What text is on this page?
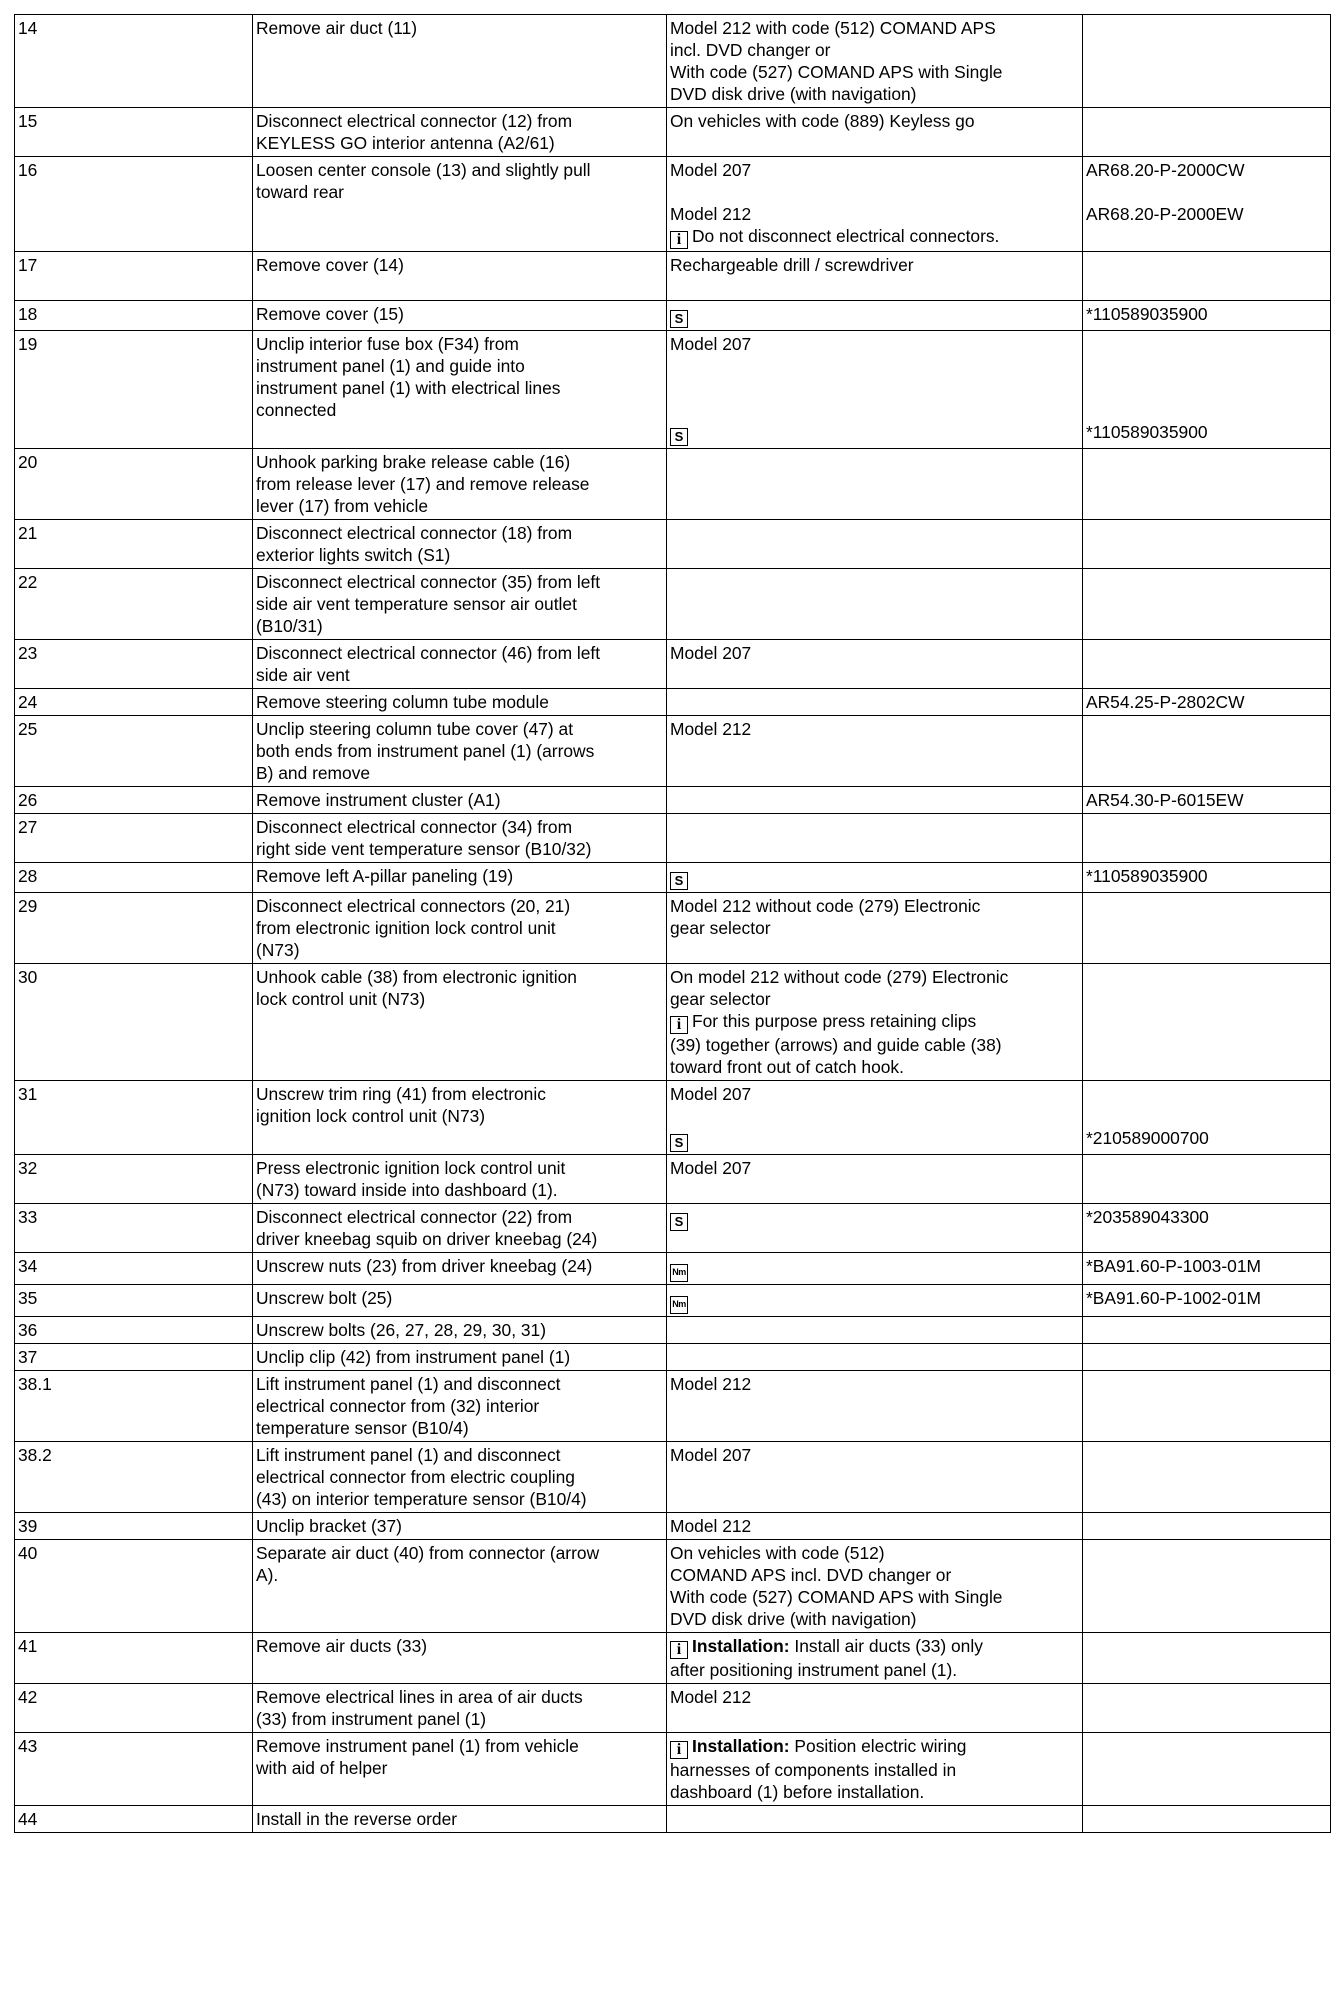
14	Remove air duct (11)	Model 212 with code (512) COMAND APS
incl. DVD changer or
With code (527) COMAND APS with Single
DVD disk drive (with navigation)	

15	Disconnect electrical connector (12) from
KEYLESS GO interior antenna (A2/61)	On vehicles with code (889) Keyless go	

16	Loosen center console (13) and slightly pull
toward rear	Model 207
Model 212
i Do not disconnect electrical connectors.	AR68.20-P-2000CW
AR68.20-P-2000EW

17	Remove cover (14)	Rechargeable drill / screwdriver	

18	Remove cover (15)	S	*110589035900

19	Unclip interior fuse box (F34) from
instrument panel (1) and guide into
instrument panel (1) with electrical lines
connected	Model 207
S	*110589035900

20	Unhook parking brake release cable (16)
from release lever (17) and remove release
lever (17) from vehicle		

21	Disconnect electrical connector (18) from
exterior lights switch (S1)		

22	Disconnect electrical connector (35) from left
side air vent temperature sensor air outlet
(B10/31)		

23	Disconnect electrical connector (46) from left
side air vent	Model 207	

24	Remove steering column tube module		AR54.25-P-2802CW

25	Unclip steering column tube cover (47) at
both ends from instrument panel (1) (arrows
B) and remove	Model 212	

26	Remove instrument cluster (A1)		AR54.30-P-6015EW

27	Disconnect electrical connector (34) from
right side vent temperature sensor (B10/32)		

28	Remove left A-pillar paneling (19)	S	*110589035900

29	Disconnect electrical connectors (20, 21)
from electronic ignition lock control unit
(N73)	Model 212 without code (279) Electronic
gear selector	

30	Unhook cable (38) from electronic ignition
lock control unit (N73)	On model 212 without code (279) Electronic
gear selector
i For this purpose press retaining clips
(39) together (arrows) and guide cable (38)
toward front out of catch hook.	

31	Unscrew trim ring (41) from electronic
ignition lock control unit (N73)	Model 207
S	*210589000700

32	Press electronic ignition lock control unit
(N73) toward inside into dashboard (1).	Model 207	

33	Disconnect electrical connector (22) from
driver kneebag squib on driver kneebag (24)	S	*203589043300

34	Unscrew nuts (23) from driver kneebag (24)	Nm	*BA91.60-P-1003-01M

35	Unscrew bolt (25)	Nm	*BA91.60-P-1002-01M

36	Unscrew bolts (26, 27, 28, 29, 30, 31)		

37	Unclip clip (42) from instrument panel (1)		

38.1	Lift instrument panel (1) and disconnect
electrical connector from (32) interior
temperature sensor (B10/4)	Model 212	

38.2	Lift instrument panel (1) and disconnect
electrical connector from electric coupling
(43) on interior temperature sensor (B10/4)	Model 207	

39	Unclip bracket (37)	Model 212	

40	Separate air duct (40) from connector (arrow
A).	On vehicles with code (512)
COMAND APS incl. DVD changer or
With code (527) COMAND APS with Single
DVD disk drive (with navigation)	

41	Remove air ducts (33)	i Installation: Install air ducts (33) only
after positioning instrument panel (1).	

42	Remove electrical lines in area of air ducts
(33) from instrument panel (1)	Model 212	

43	Remove instrument panel (1) from vehicle
with aid of helper	i Installation: Position electric wiring
harnesses of components installed in
dashboard (1) before installation.	

44	Install in the reverse order		
